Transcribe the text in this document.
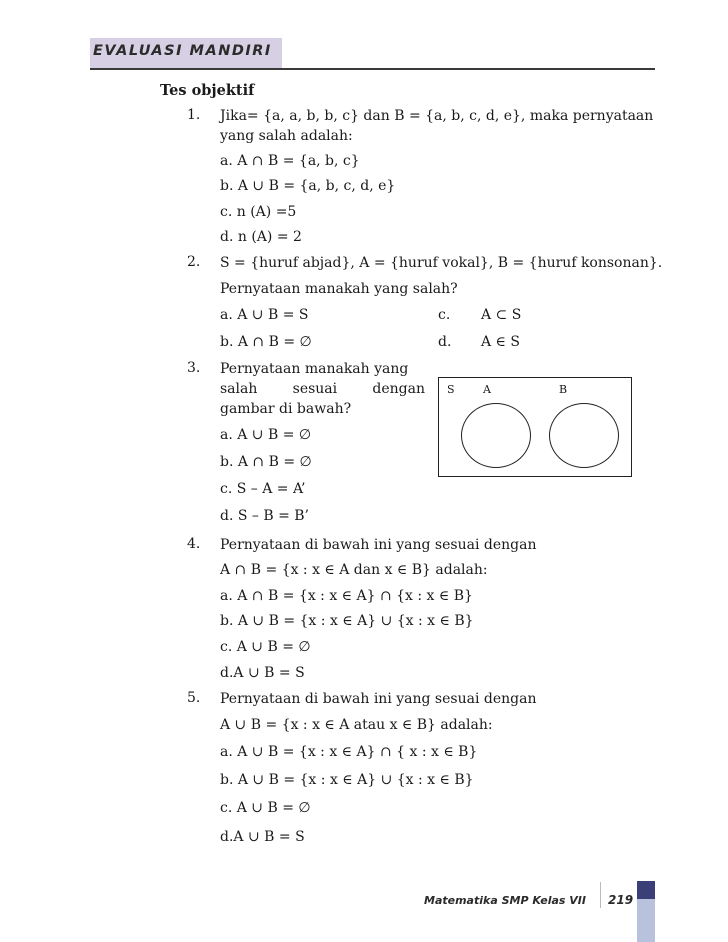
EVALUASI MANDIRI
Tes objektif
1. Jika= {a, a, b, b, c} dan B = {a, b, c, d, e}, maka pernyataan
yang salah adalah:
a. A ∩ B = {a, b, c}
b. A ∪ B = {a, b, c, d, e}
c. n (A) =5
d. n (A) = 2
2. S = {huruf abjad}, A = {huruf vokal}, B = {huruf konsonan}.
Pernyataan manakah yang salah?
a. A ∪ B = S
b. A ∩ B = ∅
c. A ⊂ S
d. A ∈ S
3. Pernyataan manakah yang
salah	sesuai	dengan
gambar di bawah?
a. A ∪ B = ∅
b. A ∩ B = ∅
c. S – A = A’
d. S – B = B’
S	A	B
4. Pernyataan di bawah ini yang sesuai dengan
A ∩ B = {x : x ∈ A dan x ∈ B} adalah:
a. A ∩ B = {x : x ∈ A} ∩ {x : x ∈ B}
b. A ∪ B = {x : x ∈ A} ∪ {x : x ∈ B}
c. A ∪ B = ∅
d.A ∪ B = S
5. Pernyataan di bawah ini yang sesuai dengan
A ∪ B = {x : x ∈ A atau x ∈ B} adalah:
a. A ∪ B = {x : x ∈ A} ∩ { x : x ∈ B}
b. A ∪ B = {x : x ∈ A} ∪ {x : x ∈ B}
c. A ∪ B = ∅
d.A ∪ B = S
Matematika SMP Kelas VII 219
